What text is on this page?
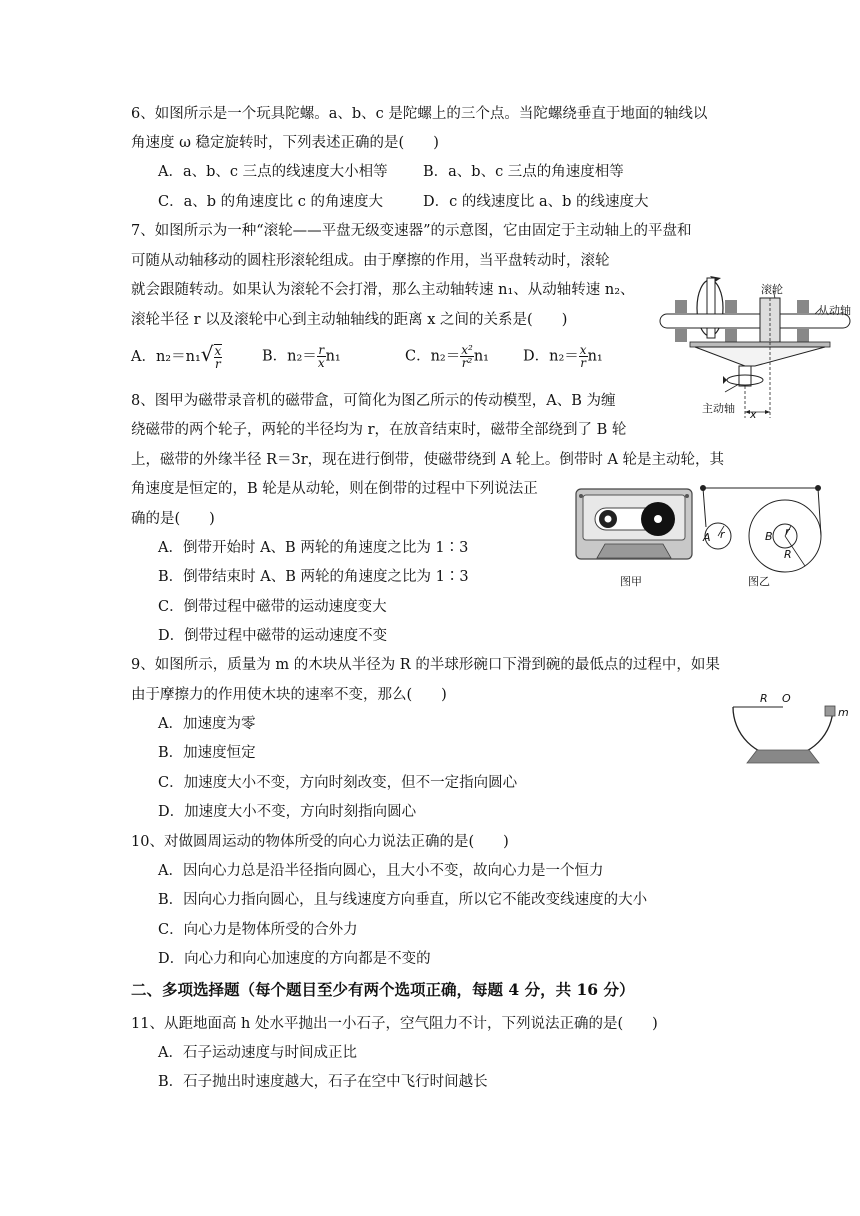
6、如图所示是一个玩具陀螺。a、b、c 是陀螺上的三个点。当陀螺绕垂直于地面的轴线以
角速度 ω 稳定旋转时，下列表述正确的是(　　)
A．a、b、c 三点的线速度大小相等 B．a、b、c 三点的角速度相等
C．a、b 的角速度比 c 的角速度大	D．c 的线速度比 a、b 的线速度大
7、如图所示为一种“滚轮——平盘无级变速器”的示意图，它由固定于主动轴上的平盘和
可随从动轴移动的圆柱形滚轮组成。由于摩擦的作用，当平盘转动时，滚轮
就会跟随转动。如果认为滚轮不会打滑，那么主动轴转速 n₁、从动轴转速 n₂、
滚轮半径 r 以及滚轮中心到主动轴轴线的距离 x 之间的关系是(　　)
A．$n_2=n_1√ \frac{x}{r}$	B．$n_2= \frac{r}{x} n_1$	C．$n_2= \frac{\text{x²}}{\text{r²}} n_1$ D．$n_2= \frac{x}{r} n_1$
滚轮
从动轴
主动轴 x
8、图甲为磁带录音机的磁带盒，可简化为图乙所示的传动模型，A、B 为缠
绕磁带的两个轮子，两轮的半径均为 r，在放音结束时，磁带全部绕到了 B 轮
上，磁带的外缘半径 R＝3r，现在进行倒带，使磁带绕到 A 轮上。倒带时 A 轮是主动轮，其
角速度是恒定的，B 轮是从动轮，则在倒带的过程中下列说法正
确的是(　　)
A．倒带开始时 A、B 两轮的角速度之比为 1∶3
B．倒带结束时 A、B 两轮的角速度之比为 1∶3
C．倒带过程中磁带的运动速度变大
D．倒带过程中磁带的运动速度不变
图甲
A r	B r
R
图乙
9、如图所示，质量为 m 的木块从半径为 R 的半球形碗口下滑到碗的最低点的过程中，如果
由于摩擦力的作用使木块的速率不变，那么(　　)
A．加速度为零
B．加速度恒定
C．加速度大小不变，方向时刻改变，但不一定指向圆心
D．加速度大小不变，方向时刻指向圆心
R O
m
10、对做圆周运动的物体所受的向心力说法正确的是(　　)
A．因向心力总是沿半径指向圆心，且大小不变，故向心力是一个恒力
B．因向心力指向圆心，且与线速度方向垂直，所以它不能改变线速度的大小
C．向心力是物体所受的合外力
D．向心力和向心加速度的方向都是不变的
二、多项选择题（每个题目至少有两个选项正确，每题 4 分，共 16 分）
11、从距地面高 h 处水平抛出一小石子，空气阻力不计，下列说法正确的是(　　)
A．石子运动速度与时间成正比
B．石子抛出时速度越大，石子在空中飞行时间越长
